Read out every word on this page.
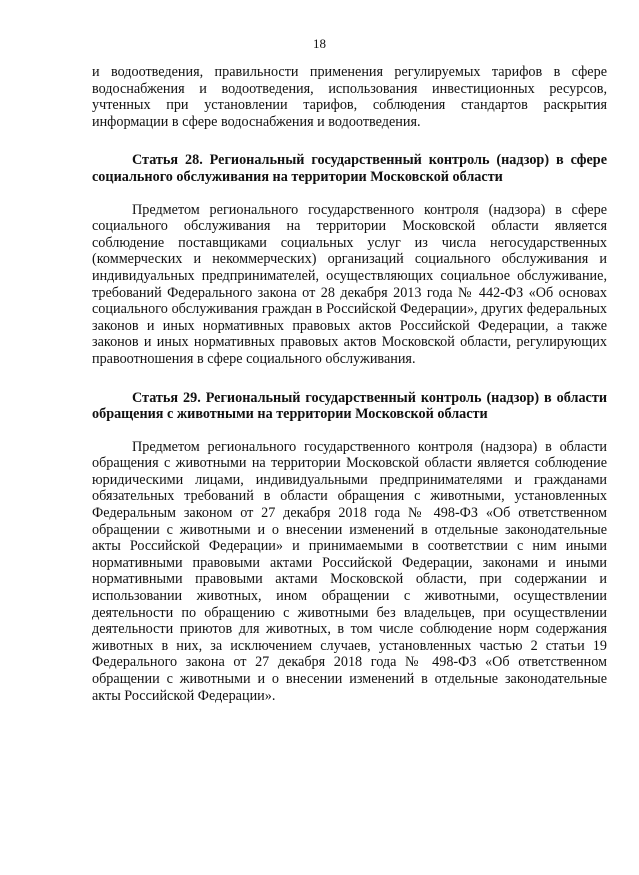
18

и водоотведения, правильности применения регулируемых тарифов в сфере водоснабжения и водоотведения, использования инвестиционных ресурсов, учтенных при установлении тарифов, соблюдения стандартов раскрытия информации в сфере водоснабжения и водоотведения.

Статья 28. Региональный государственный контроль (надзор) в сфере социального обслуживания на территории Московской области

Предметом регионального государственного контроля (надзора) в сфере социального обслуживания на территории Московской области является соблюдение поставщиками социальных услуг из числа негосударственных (коммерческих и некоммерческих) организаций социального обслуживания и индивидуальных предпринимателей, осуществляющих социальное обслуживание, требований Федерального закона от 28 декабря 2013 года № 442-ФЗ «Об основах социального обслуживания граждан в Российской Федерации», других федеральных законов и иных нормативных правовых актов Российской Федерации, а также законов и иных нормативных правовых актов Московской области, регулирующих правоотношения в сфере социального обслуживания.

Статья 29. Региональный государственный контроль (надзор) в области обращения с животными на территории Московской области

Предметом регионального государственного контроля (надзора) в области обращения с животными на территории Московской области является соблюдение юридическими лицами, индивидуальными предпринимателями и гражданами обязательных требований в области обращения с животными, установленных Федеральным законом от 27 декабря 2018 года № 498-ФЗ «Об ответственном обращении с животными и о внесении изменений в отдельные законодательные акты Российской Федерации» и принимаемыми в соответствии с ним иными нормативными правовыми актами Российской Федерации, законами и иными нормативными правовыми актами Московской области, при содержании и использовании животных, ином обращении с животными, осуществлении деятельности по обращению с животными без владельцев, при осуществлении деятельности приютов для животных, в том числе соблюдение норм содержания животных в них, за исключением случаев, установленных частью 2 статьи 19 Федерального закона от 27 декабря 2018 года № 498-ФЗ «Об ответственном обращении с животными и о внесении изменений в отдельные законодательные акты Российской Федерации».
